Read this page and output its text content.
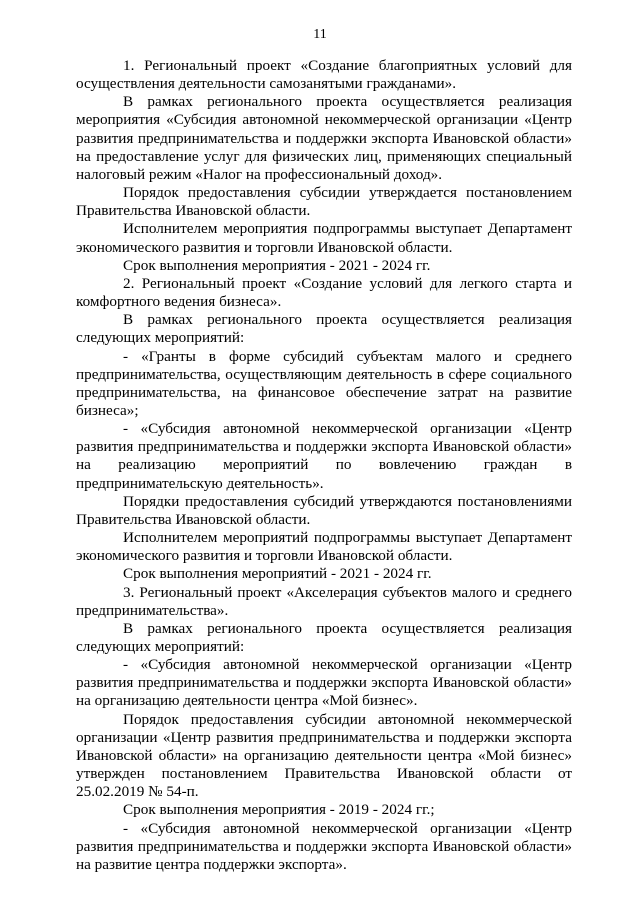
11

1. Региональный проект «Создание благоприятных условий для осуществления деятельности самозанятыми гражданами».

В рамках регионального проекта осуществляется реализация мероприятия «Субсидия автономной некоммерческой организации «Центр развития предпринимательства и поддержки экспорта Ивановской области» на предоставление услуг для физических лиц, применяющих специальный налоговый режим «Налог на профессиональный доход».

Порядок предоставления субсидии утверждается постановлением Правительства Ивановской области.

Исполнителем мероприятия подпрограммы выступает Департамент экономического развития и торговли Ивановской области.

Срок выполнения мероприятия - 2021 - 2024 гг.

2. Региональный проект «Создание условий для легкого старта и комфортного ведения бизнеса».

В рамках регионального проекта осуществляется реализация следующих мероприятий:

- «Гранты в форме субсидий субъектам малого и среднего предпринимательства, осуществляющим деятельность в сфере социального предпринимательства, на финансовое обеспечение затрат на развитие бизнеса»;

- «Субсидия автономной некоммерческой организации «Центр развития предпринимательства и поддержки экспорта Ивановской области» на реализацию мероприятий по вовлечению граждан в предпринимательскую деятельность».

Порядки предоставления субсидий утверждаются постановлениями Правительства Ивановской области.

Исполнителем мероприятий подпрограммы выступает Департамент экономического развития и торговли Ивановской области.

Срок выполнения мероприятий - 2021 - 2024 гг.

3. Региональный проект «Акселерация субъектов малого и среднего предпринимательства».

В рамках регионального проекта осуществляется реализация следующих мероприятий:

- «Субсидия автономной некоммерческой организации «Центр развития предпринимательства и поддержки экспорта Ивановской области» на организацию деятельности центра «Мой бизнес».

Порядок предоставления субсидии автономной некоммерческой организации «Центр развития предпринимательства и поддержки экспорта Ивановской области» на организацию деятельности центра «Мой бизнес» утвержден постановлением Правительства Ивановской области от 25.02.2019 № 54-п.

Срок выполнения мероприятия - 2019 - 2024 гг.;

- «Субсидия автономной некоммерческой организации «Центр развития предпринимательства и поддержки экспорта Ивановской области» на развитие центра поддержки экспорта».
